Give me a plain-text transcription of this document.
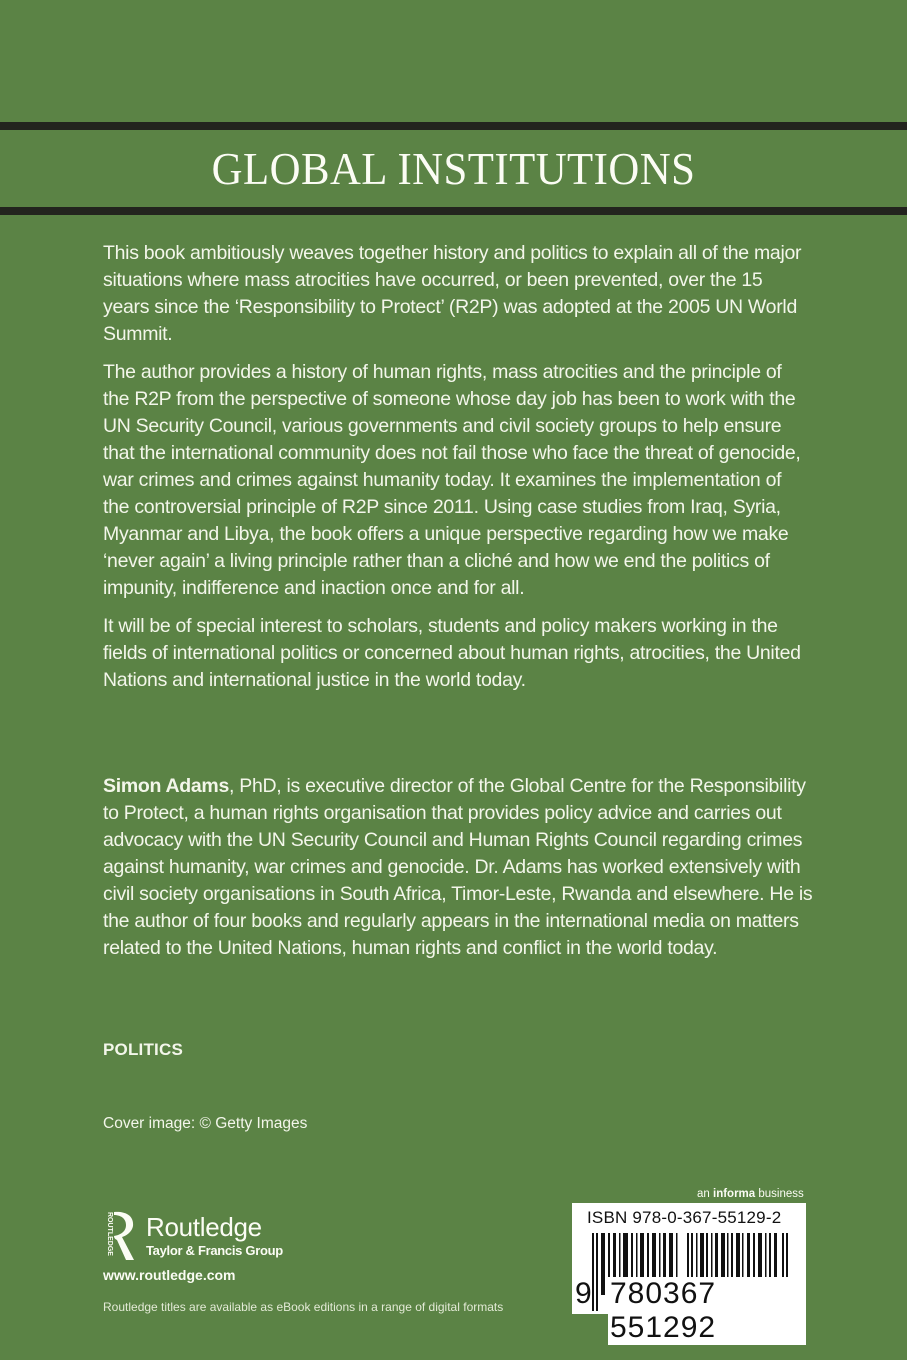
GLOBAL INSTITUTIONS

This book ambitiously weaves together history and politics to explain all of the major situations where mass atrocities have occurred, or been prevented, over the 15 years since the ‘Responsibility to Protect’ (R2P) was adopted at the 2005 UN World Summit.

The author provides a history of human rights, mass atrocities and the principle of the R2P from the perspective of someone whose day job has been to work with the UN Security Council, various governments and civil society groups to help ensure that the international community does not fail those who face the threat of genocide, war crimes and crimes against humanity today. It examines the implementation of the controversial principle of R2P since 2011. Using case studies from Iraq, Syria, Myanmar and Libya, the book offers a unique perspective regarding how we make ‘never again’ a living principle rather than a cliché and how we end the politics of impunity, indifference and inaction once and for all.

It will be of special interest to scholars, students and policy makers working in the fields of international politics or concerned about human rights, atrocities, the United Nations and international justice in the world today.

Simon Adams, PhD, is executive director of the Global Centre for the Responsibility to Protect, a human rights organisation that provides policy advice and carries out advocacy with the UN Security Council and Human Rights Council regarding crimes against humanity, war crimes and genocide. Dr. Adams has worked extensively with civil society organisations in South Africa, Timor-Leste, Rwanda and elsewhere. He is the author of four books and regularly appears in the international media on matters related to the United Nations, human rights and conflict in the world today.
POLITICS
Cover image: © Getty Images
ROUTLEDGE Routledge
Taylor & Francis Group
www.routledge.com
Routledge titles are available as eBook editions in a range of digital formats
an informa business
ISBN 978-0-367-55129-2
9 780367 551292
